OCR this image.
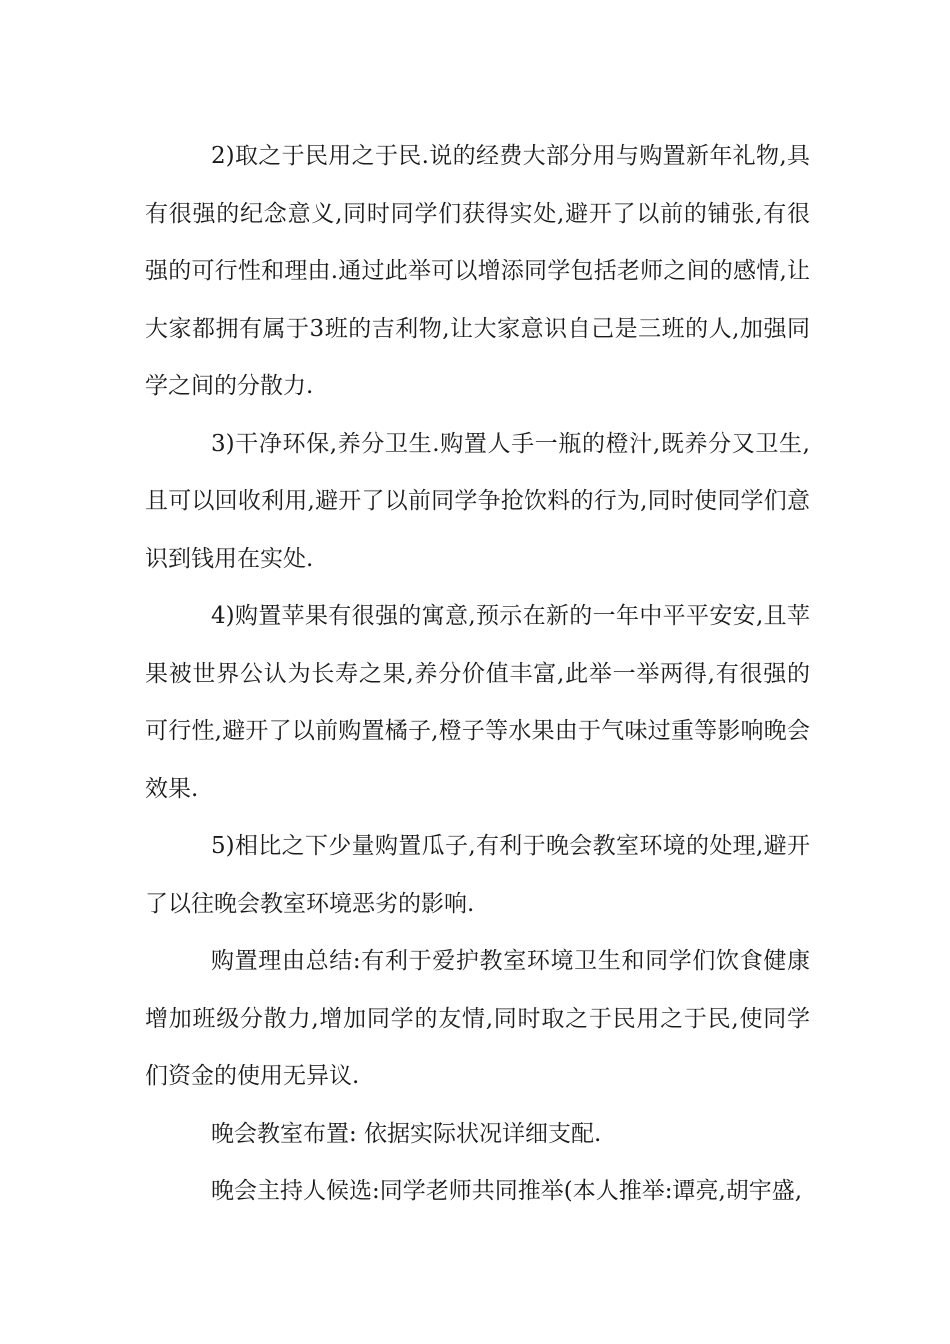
2)取之于民用之于民.说的经费大部分用与购置新年礼物,具有很强的纪念意义,同时同学们获得实处,避开了以前的铺张,有很强的可行性和理由.通过此举可以增添同学包括老师之间的感情,让大家都拥有属于3班的吉利物,让大家意识自己是三班的人,加强同学之间的分散力.

3)干净环保,养分卫生.购置人手一瓶的橙汁,既养分又卫生,且可以回收利用,避开了以前同学争抢饮料的行为,同时使同学们意识到钱用在实处.

4)购置苹果有很强的寓意,预示在新的一年中平平安安,且苹果被世界公认为长寿之果,养分价值丰富,此举一举两得,有很强的可行性,避开了以前购置橘子,橙子等水果由于气味过重等影响晚会效果.

5)相比之下少量购置瓜子,有利于晚会教室环境的处理,避开了以往晚会教室环境恶劣的影响.

购置理由总结:有利于爱护教室环境卫生和同学们饮食健康增加班级分散力,增加同学的友情,同时取之于民用之于民,使同学们资金的使用无异议.

晚会教室布置: 依据实际状况详细支配.

晚会主持人候选:同学老师共同推举(本人推举:谭亮,胡宇盛,
